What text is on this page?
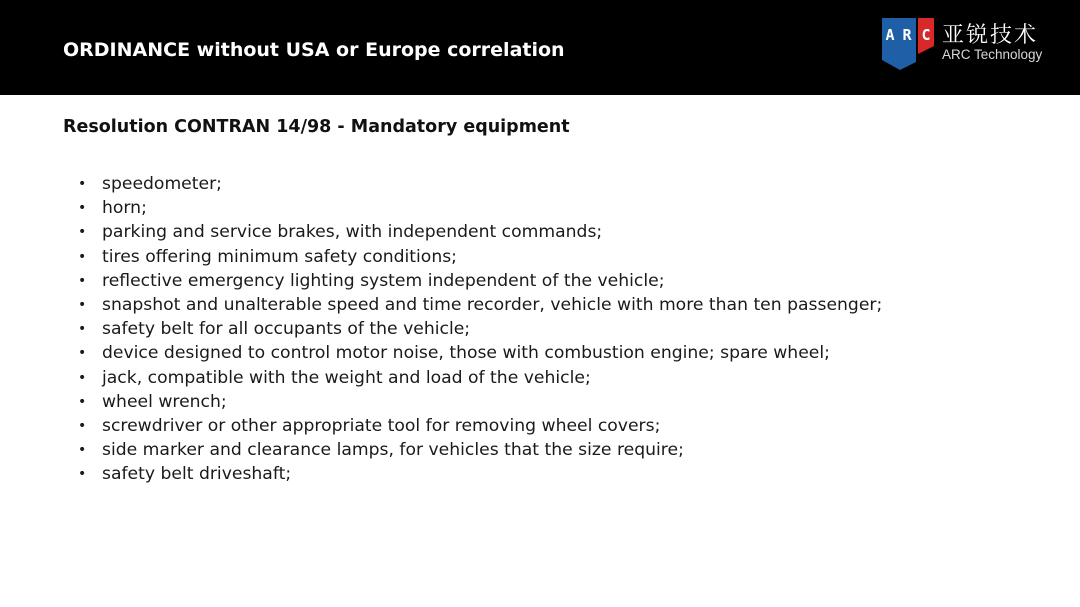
ORDINANCE without USA or Europe correlation
A R C 亚锐技术
ARC Technology
Resolution CONTRAN 14/98 - Mandatory equipment
• speedometer;
• horn;
• parking and service brakes, with independent commands;
• tires offering minimum safety conditions;
• reflective emergency lighting system independent of the vehicle;
• snapshot and unalterable speed and time recorder, vehicle with more than ten passenger;
• safety belt for all occupants of the vehicle;
• device designed to control motor noise, those with combustion engine; spare wheel;
• jack, compatible with the weight and load of the vehicle;
• wheel wrench;
• screwdriver or other appropriate tool for removing wheel covers;
• side marker and clearance lamps, for vehicles that the size require;
• safety belt driveshaft;
